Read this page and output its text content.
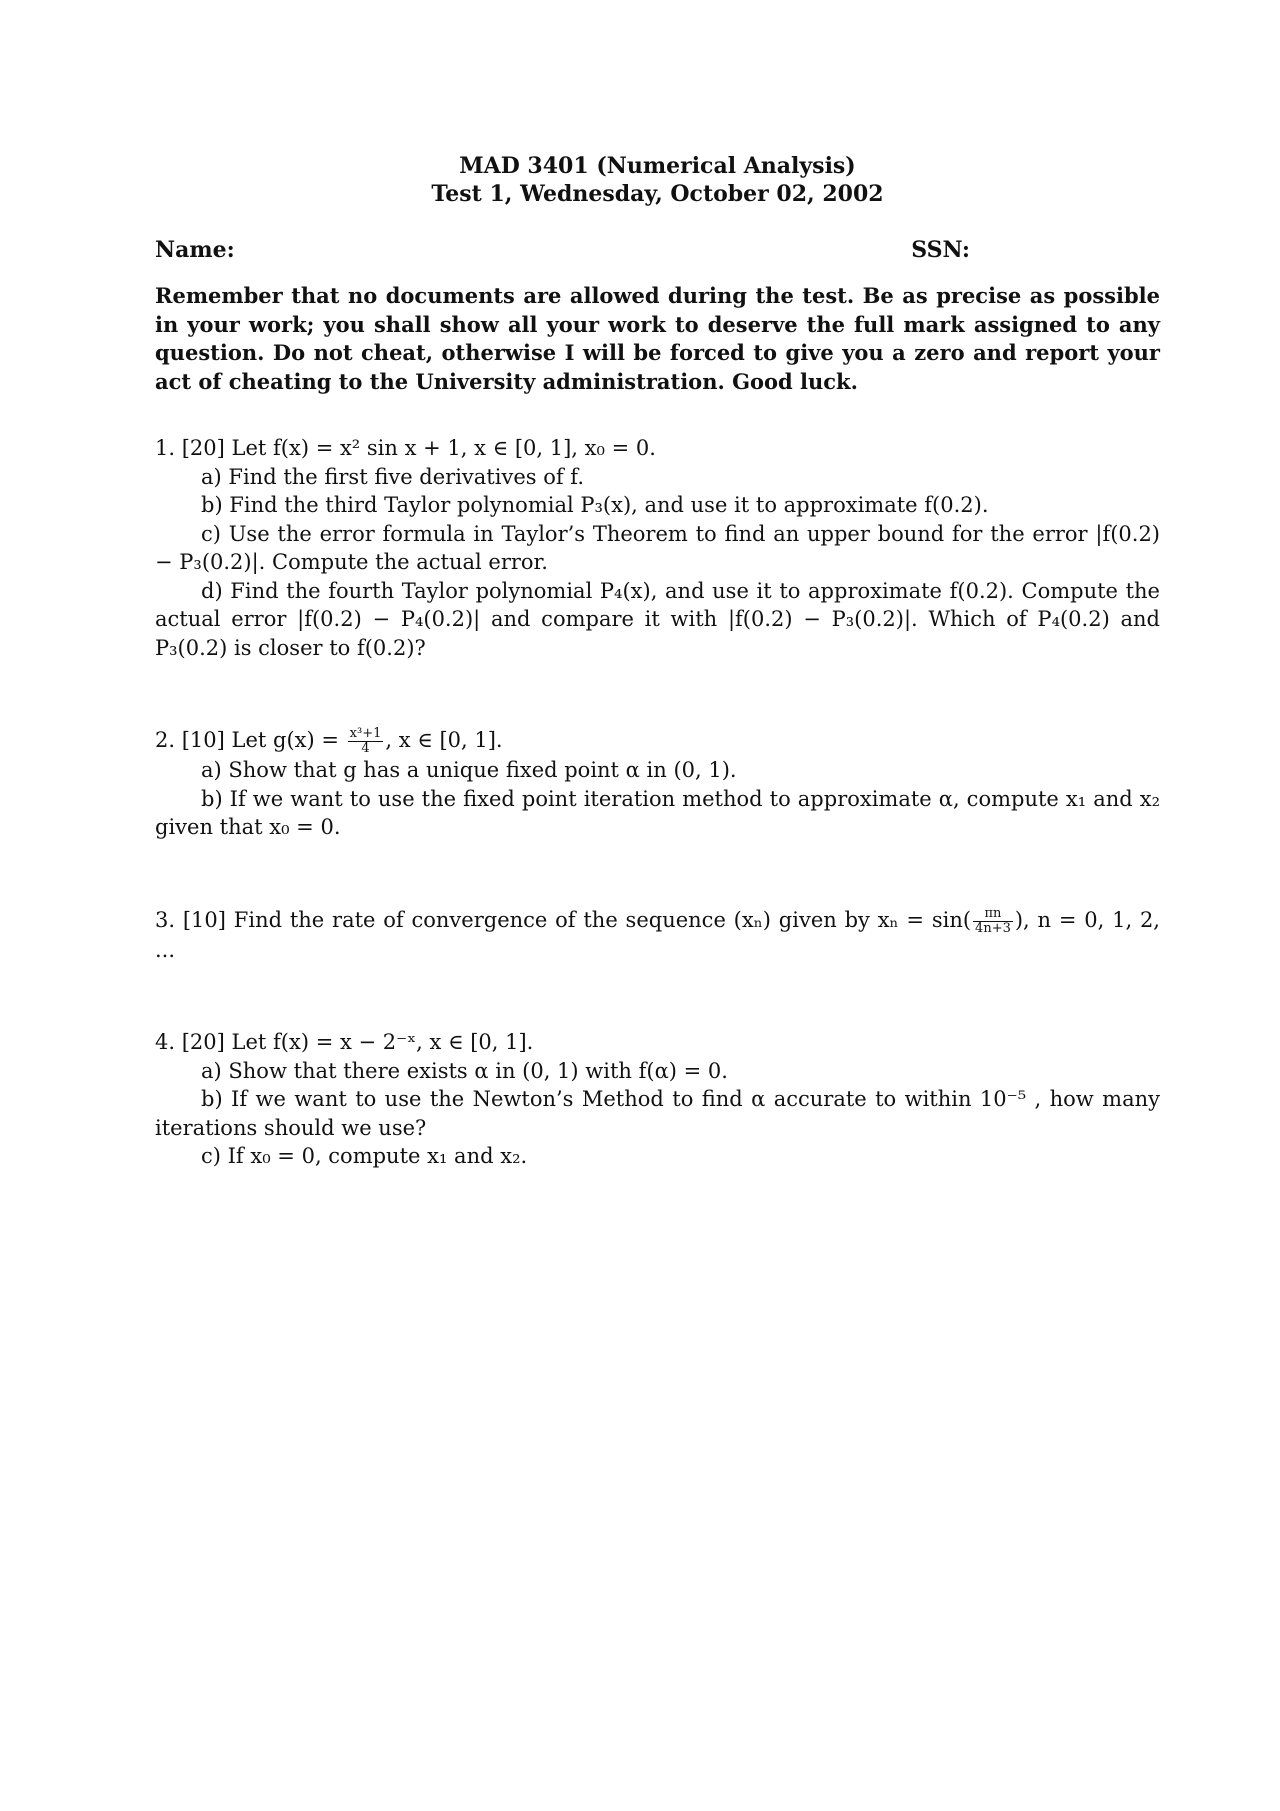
MAD 3401 (Numerical Analysis)
Test 1, Wednesday, October 02, 2002
Name:	SSN:
Remember that no documents are allowed during the test. Be as precise as possible in your work; you shall show all your work to deserve the full mark assigned to any question. Do not cheat, otherwise I will be forced to give you a zero and report your act of cheating to the University administration. Good luck.
1. [20] Let f(x) = x² sin x + 1, x ∈ [0, 1], x₀ = 0.
a) Find the first five derivatives of f.
b) Find the third Taylor polynomial P₃(x), and use it to approximate f(0.2).
c) Use the error formula in Taylor’s Theorem to find an upper bound for the error |f(0.2) − P₃(0.2)|. Compute the actual error.
d) Find the fourth Taylor polynomial P₄(x), and use it to approximate f(0.2). Compute the actual error |f(0.2) − P₄(0.2)| and compare it with |f(0.2) − P₃(0.2)|. Which of P₄(0.2) and P₃(0.2) is closer to f(0.2)?
2. [10] Let $g(x) = \frac{\text{x³+1}}{4}$ , x ∈ [0, 1].
a) Show that g has a unique fixed point α in (0, 1).
b) If we want to use the fixed point iteration method to approximate α, compute x₁ and x₂ given that x₀ = 0.
3. [10] Find the rate of convergence of the sequence (xₙ) given by $x_n = \sin( \frac{\pi n}{4n+3}$ ), n = 0, 1, 2, ...
4. [20] Let f(x) = x − 2⁻ˣ, x ∈ [0, 1].
a) Show that there exists α in (0, 1) with f(α) = 0.
b) If we want to use the Newton’s Method to find α accurate to within 10⁻⁵ , how many iterations should we use?
c) If x₀ = 0, compute x₁ and x₂.
